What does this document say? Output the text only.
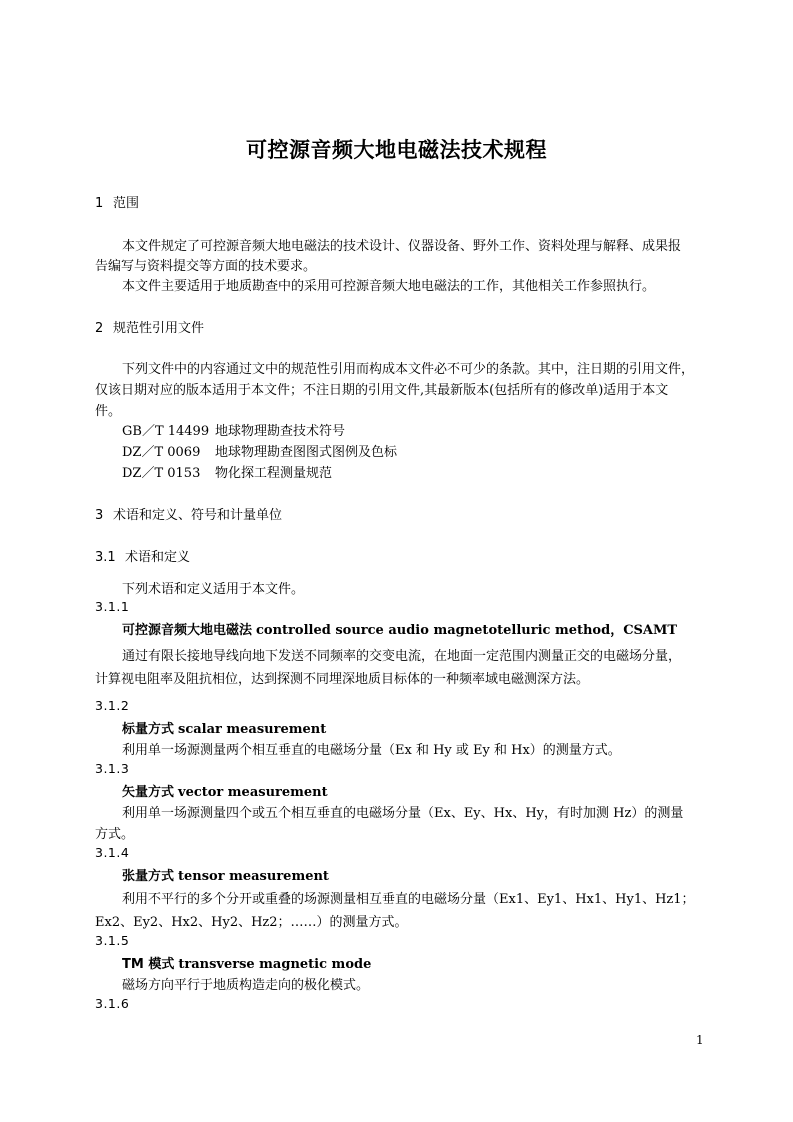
可控源音频大地电磁法技术规程
1 范围
本文件规定了可控源音频大地电磁法的技术设计、仪器设备、野外工作、资料处理与解释、成果报
告编写与资料提交等方面的技术要求。
本文件主要适用于地质勘查中的采用可控源音频大地电磁法的工作，其他相关工作参照执行。
2 规范性引用文件
下列文件中的内容通过文中的规范性引用而构成本文件必不可少的条款。其中，注日期的引用文件，
仅该日期对应的版本适用于本文件；不注日期的引用文件,其最新版本(包括所有的修改单)适用于本文
件。
GB／T 14499 地球物理勘查技术符号
DZ／T 0069 地球物理勘查图图式图例及色标
DZ／T 0153 物化探工程测量规范
3 术语和定义、符号和计量单位
3.1 术语和定义
下列术语和定义适用于本文件。
3.1.1
可控源音频大地电磁法 controlled source audio magnetotelluric method，CSAMT
通过有限长接地导线向地下发送不同频率的交变电流，在地面一定范围内测量正交的电磁场分量，
计算视电阻率及阻抗相位，达到探测不同埋深地质目标体的一种频率域电磁测深方法。
3.1.2
标量方式 scalar measurement
利用单一场源测量两个相互垂直的电磁场分量（Ex 和 Hy 或 Ey 和 Hx）的测量方式。
3.1.3
矢量方式 vector measurement
利用单一场源测量四个或五个相互垂直的电磁场分量（Ex、Ey、Hx、Hy，有时加测 Hz）的测量
方式。
3.1.4
张量方式 tensor measurement
利用不平行的多个分开或重叠的场源测量相互垂直的电磁场分量（Ex1、Ey1、Hx1、Hy1、Hz1；
Ex2、Ey2、Hx2、Hy2、Hz2；……）的测量方式。
3.1.5
TM 模式 transverse magnetic mode
磁场方向平行于地质构造走向的极化模式。
3.1.6
1
